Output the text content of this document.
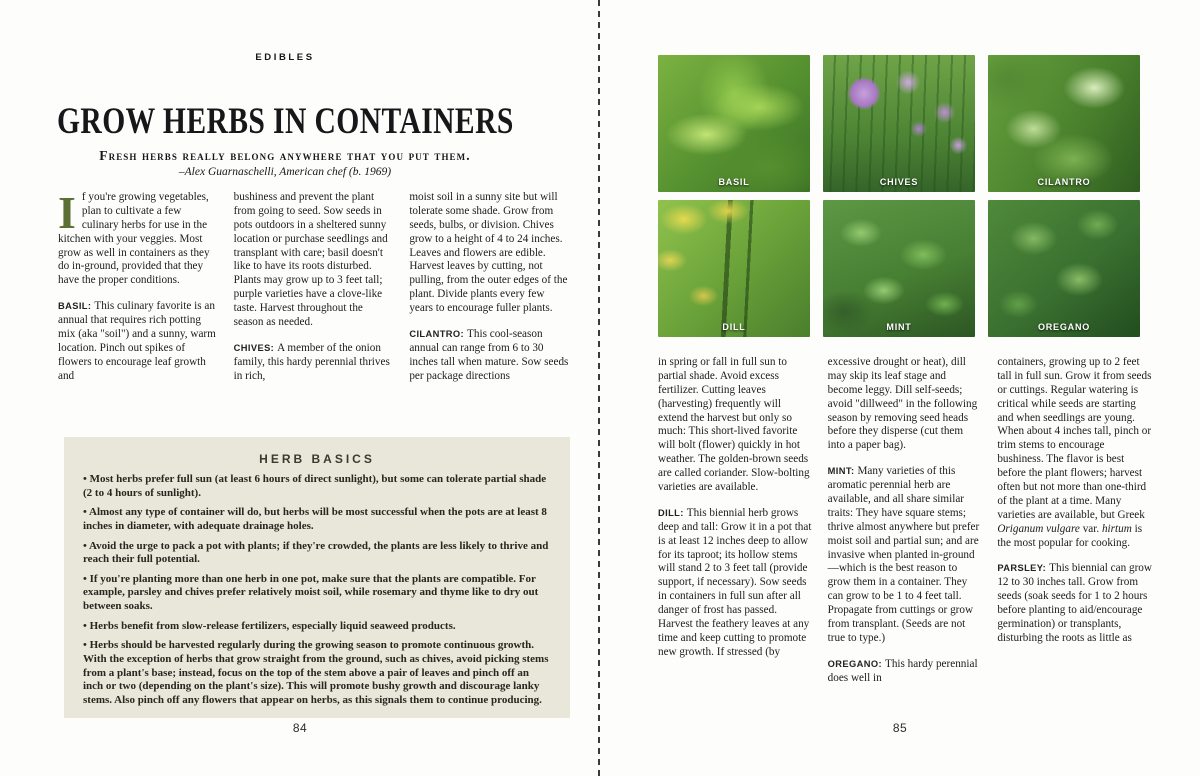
EDIBLES
GROW HERBS IN CONTAINERS
Fresh herbs really belong anywhere that you put them.
–Alex Guarnaschelli, American chef (b. 1969)

If you're growing vegetables, plan to cultivate a few culinary herbs for use in the kitchen with your veggies. Most grow as well in containers as they do in-ground, provided that they have the proper conditions.

BASIL: This culinary favorite is an annual that requires rich potting mix (aka "soil") and a sunny, warm location. Pinch out spikes of flowers to encourage leaf growth and

bushiness and prevent the plant from going to seed. Sow seeds in pots outdoors in a sheltered sunny location or purchase seedlings and transplant with care; basil doesn't like to have its roots disturbed. Plants may grow up to 3 feet tall; purple varieties have a clove-like taste. Harvest throughout the season as needed.

CHIVES: A member of the onion family, this hardy perennial thrives in rich,

moist soil in a sunny site but will tolerate some shade. Grow from seeds, bulbs, or division. Chives grow to a height of 4 to 24 inches. Leaves and flowers are edible. Harvest leaves by cutting, not pulling, from the outer edges of the plant. Divide plants every few years to encourage fuller plants.

CILANTRO: This cool-season annual can range from 6 to 30 inches tall when mature. Sow seeds per package directions

HERB BASICS
• Most herbs prefer full sun (at least 6 hours of direct sunlight), but some can tolerate partial shade (2 to 4 hours of sunlight).
• Almost any type of container will do, but herbs will be most successful when the pots are at least 8 inches in diameter, with adequate drainage holes.
• Avoid the urge to pack a pot with plants; if they're crowded, the plants are less likely to thrive and reach their full potential.
• If you're planting more than one herb in one pot, make sure that the plants are compatible. For example, parsley and chives prefer relatively moist soil, while rosemary and thyme like to dry out between soaks.
• Herbs benefit from slow-release fertilizers, especially liquid seaweed products.
• Herbs should be harvested regularly during the growing season to promote continuous growth. With the exception of herbs that grow straight from the ground, such as chives, avoid picking stems from a plant's base; instead, focus on the top of the stem above a pair of leaves and pinch off an inch or two (depending on the plant's size). This will promote bushy growth and discourage lanky stems. Also pinch off any flowers that appear on herbs, as this signals them to continue producing.
84
BASIL	CHIVES	CILANTRO
DILL	MINT	OREGANO

in spring or fall in full sun to partial shade. Avoid excess fertilizer. Cutting leaves (harvesting) frequently will extend the harvest but only so much: This short-lived favorite will bolt (flower) quickly in hot weather. The golden-brown seeds are called coriander. Slow-bolting varieties are available.

DILL: This biennial herb grows deep and tall: Grow it in a pot that is at least 12 inches deep to allow for its taproot; its hollow stems will stand 2 to 3 feet tall (provide support, if necessary). Sow seeds in containers in full sun after all danger of frost has passed. Harvest the feathery leaves at any time and keep cutting to promote new growth. If stressed (by

excessive drought or heat), dill may skip its leaf stage and become leggy. Dill self-seeds; avoid "dillweed" in the following season by removing seed heads before they disperse (cut them into a paper bag).

MINT: Many varieties of this aromatic perennial herb are available, and all share similar traits: They have square stems; thrive almost anywhere but prefer moist soil and partial sun; and are invasive when planted in-ground—which is the best reason to grow them in a container. They can grow to be 1 to 4 feet tall. Propagate from cuttings or grow from transplant. (Seeds are not true to type.)

OREGANO: This hardy perennial does well in

containers, growing up to 2 feet tall in full sun. Grow it from seeds or cuttings. Regular watering is critical while seeds are starting and when seedlings are young. When about 4 inches tall, pinch or trim stems to encourage bushiness. The flavor is best before the plant flowers; harvest often but not more than one-third of the plant at a time. Many varieties are available, but Greek Origanum vulgare var. hirtum is the most popular for cooking.

PARSLEY: This biennial can grow 12 to 30 inches tall. Grow from seeds (soak seeds for 1 to 2 hours before planting to aid/encourage germination) or transplants, disturbing the roots as little as

85
